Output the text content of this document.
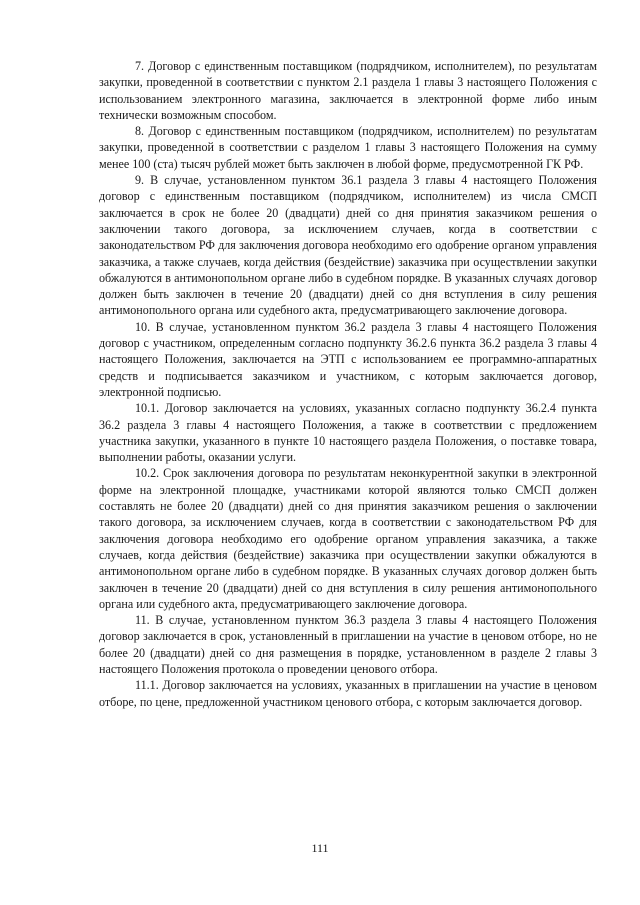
7. Договор с единственным поставщиком (подрядчиком, исполнителем), по результатам закупки, проведенной в соответствии с пунктом 2.1 раздела 1 главы 3 настоящего Положения с использованием электронного магазина, заключается в электронной форме либо иным технически возможным способом.

8. Договор с единственным поставщиком (подрядчиком, исполнителем) по результатам закупки, проведенной в соответствии с разделом 1 главы 3 настоящего Положения на сумму менее 100 (ста) тысяч рублей может быть заключен в любой форме, предусмотренной ГК РФ.

9. В случае, установленном пунктом 36.1 раздела 3 главы 4 настоящего Положения договор с единственным поставщиком (подрядчиком, исполнителем) из числа СМСП заключается в срок не более 20 (двадцати) дней со дня принятия заказчиком решения о заключении такого договора, за исключением случаев, когда в соответствии с законодательством РФ для заключения договора необходимо его одобрение органом управления заказчика, а также случаев, когда действия (бездействие) заказчика при осуществлении закупки обжалуются в антимонопольном органе либо в судебном порядке. В указанных случаях договор должен быть заключен в течение 20 (двадцати) дней со дня вступления в силу решения антимонопольного органа или судебного акта, предусматривающего заключение договора.

10. В случае, установленном пунктом 36.2 раздела 3 главы 4 настоящего Положения договор с участником, определенным согласно подпункту 36.2.6 пункта 36.2 раздела 3 главы 4 настоящего Положения, заключается на ЭТП с использованием ее программно-аппаратных средств и подписывается заказчиком и участником, с которым заключается договор, электронной подписью.

10.1. Договор заключается на условиях, указанных согласно подпункту 36.2.4 пункта 36.2 раздела 3 главы 4 настоящего Положения, а также в соответствии с предложением участника закупки, указанного в пункте 10 настоящего раздела Положения, о поставке товара, выполнении работы, оказании услуги.

10.2. Срок заключения договора по результатам неконкурентной закупки в электронной форме на электронной площадке, участниками которой являются только СМСП должен составлять не более 20 (двадцати) дней со дня принятия заказчиком решения о заключении такого договора, за исключением случаев, когда в соответствии с законодательством РФ для заключения договора необходимо его одобрение органом управления заказчика, а также случаев, когда действия (бездействие) заказчика при осуществлении закупки обжалуются в антимонопольном органе либо в судебном порядке. В указанных случаях договор должен быть заключен в течение 20 (двадцати) дней со дня вступления в силу решения антимонопольного органа или судебного акта, предусматривающего заключение договора.

11. В случае, установленном пунктом 36.3 раздела 3 главы 4 настоящего Положения договор заключается в срок, установленный в приглашении на участие в ценовом отборе, но не более 20 (двадцати) дней со дня размещения в порядке, установленном в разделе 2 главы 3 настоящего Положения протокола о проведении ценового отбора.

11.1. Договор заключается на условиях, указанных в приглашении на участие в ценовом отборе, по цене, предложенной участником ценового отбора, с которым заключается договор.

111
